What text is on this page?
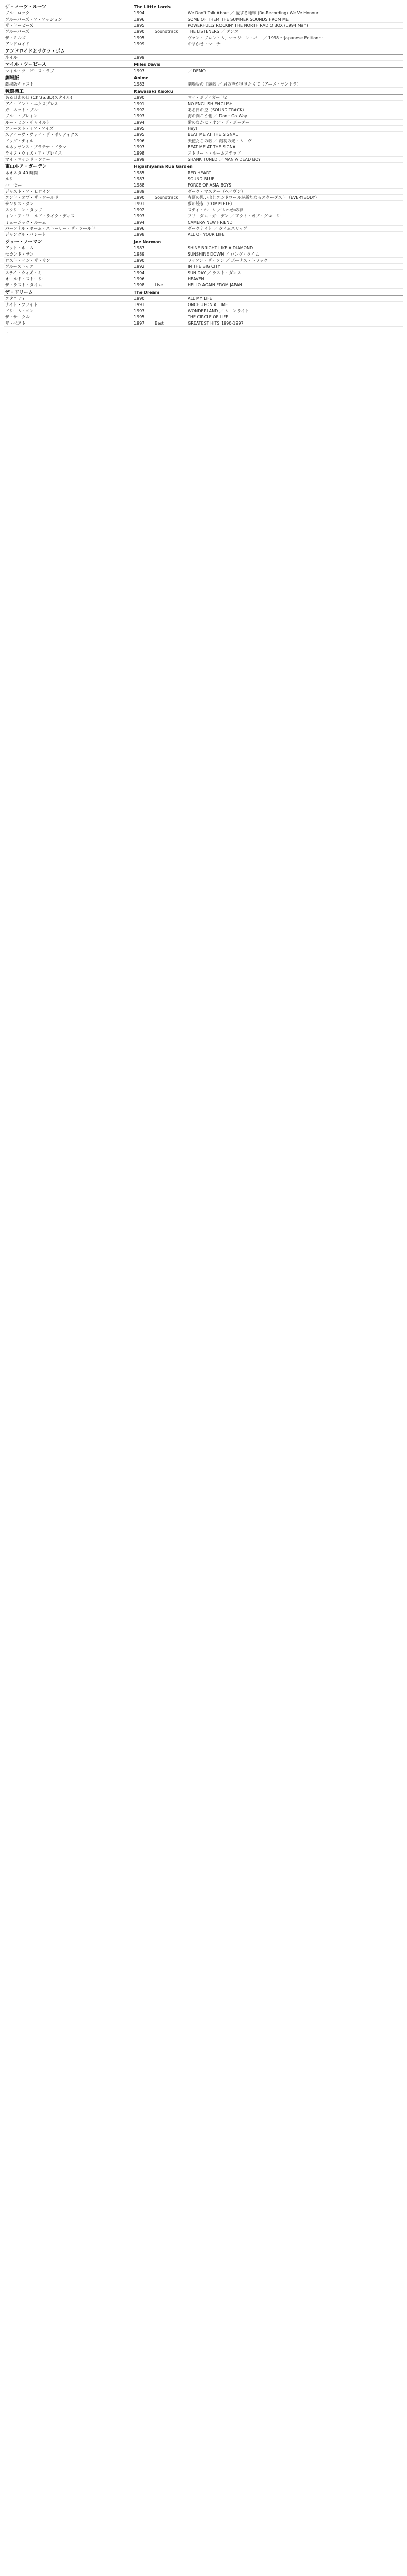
ザ・ノーツ・ルーツ	The Little Lords		
ブルーロック	1994		We Don't Talk About ／ 愛する地球 (Re-Recording) We Ve Honour
ブルーバーズ・ア・アッション	1996		SOME OF THEM THE SUMMER SOUNDS FROM ME
ザ・ドーピーズ	1995		POWERFULLY ROCKIN' THE NORTH RADIO BOX (1994 Man)
ブルーバーズ	1990	Soundtrack	THE LISTENERS ／ ダンス
ザ・ミルズ	1995		ヴァン・ブロントム、マッジーン・パー ／ 1998 ～Japanese Edition～
アンドロイド	1999		おまかせ・マーチ
アンドロイドとサクラ・ボム			
ネイル	1999		
マイル・ツーピース	Miles Davis		
マイル・ツーピース・ラブ	1997		／ DEMO
劇場版	Anime		
劇場版キャスト	1983		劇場版の主題歌 ／ 君の声がききたくて（アニメ・サントラ）
戦闘機工	Kawasaki Kisoku		
ある日あの日 (Chr.(S:BD)スタイル)	1990		マイ・ボディガード2
アイ・ドント・エクスプレス	1991		NO ENGLISH ENGLISH
ガーネット・ブルー	1992		ある日の空（SOUND TRACK）
ブルー・ブレイン	1993		海の向こう側 ／ Don't Go Way
ルー・ミン・チャイルド	1994		愛のなかに・オン・ザ・ボーダー
ファーストディア・アイズ	1995		Hey!
スティーヴ・ヴァイ・ザ・ポリティクス	1995		BEAT ME AT THE SIGNAL
ドッグ・テイル	1996		天使たちの歌 ／ 最初の光・ムーヴ
ルネッサンス・プラチナ・ドラマ	1997		BEAT ME AT THE SIGNAL
ライフ・ウィズ・ア・プレイス	1998		ストリート・ホームステッド
マイ・マインド・フロー	1999		SHANK TUNED ／ MAN A DEAD BOY
東山ルア・ガーデン	Higashiyama Rua Garden		
ネオスタ 40 時間	1985		RED HEART
ルリ	1987		SOUND BLUE
ハーモニー	1988		FORCE OF ASIA BOYS
ジャスト・ア・ヒロイン	1989		ダーク・マスター（ヘイヴン）
エンド・オブ・ザ・ワールド	1990	Soundtrack	春夏の思い出とエンドロールが新たなるスターダスト（EVERYBODY）
サンリス・ダン	1991		夢の続き（COMPLETE）
スクリーン・タップ	1992		ステイ・ホーム ／ いつかの夢
イン・ア・ワールド・ライク・ディス	1993		フリーダム・ガーデン ／ アクト・オブ・グローリー
ミュージック・ルーム	1994		CAMERA NEW FRIEND
パーソナル・ホーム・ストーリー・ザ・ワールド	1996		ダークナイト ／ タイムスリップ
ジャングル・パレード	1998		ALL OF YOUR LIFE
ジョー・ノーマン	Joe Norman		
アット・ホーム	1987		SHINE BRIGHT LIKE A DIAMOND
セカンド・サン	1989		SUNSHINE DOWN ／ ロング・タイム
ロスト・イン・ザ・サン	1990		ライアン・ザ・ワン ／ ボーナス・トラック
ブルーストック	1992		IN THE BIG CITY
ステイ・ウィズ・ミー	1994		SUN DAY ／ ラスト・ダンス
オールド・ストーリー	1996		HEAVEN
ザ・ラスト・タイム	1998	Live	HELLO AGAIN FROM JAPAN
ザ・ドリーム	The Dream		
エタニティ	1990		ALL MY LIFE
ナイト・フライト	1991		ONCE UPON A TIME
ドリーム・オン	1993		WONDERLAND ／ ムーンライト
ザ・サークル	1995		THE CIRCLE OF LIFE
ザ・ベスト	1997	Best	GREATEST HITS 1990-1997
…
